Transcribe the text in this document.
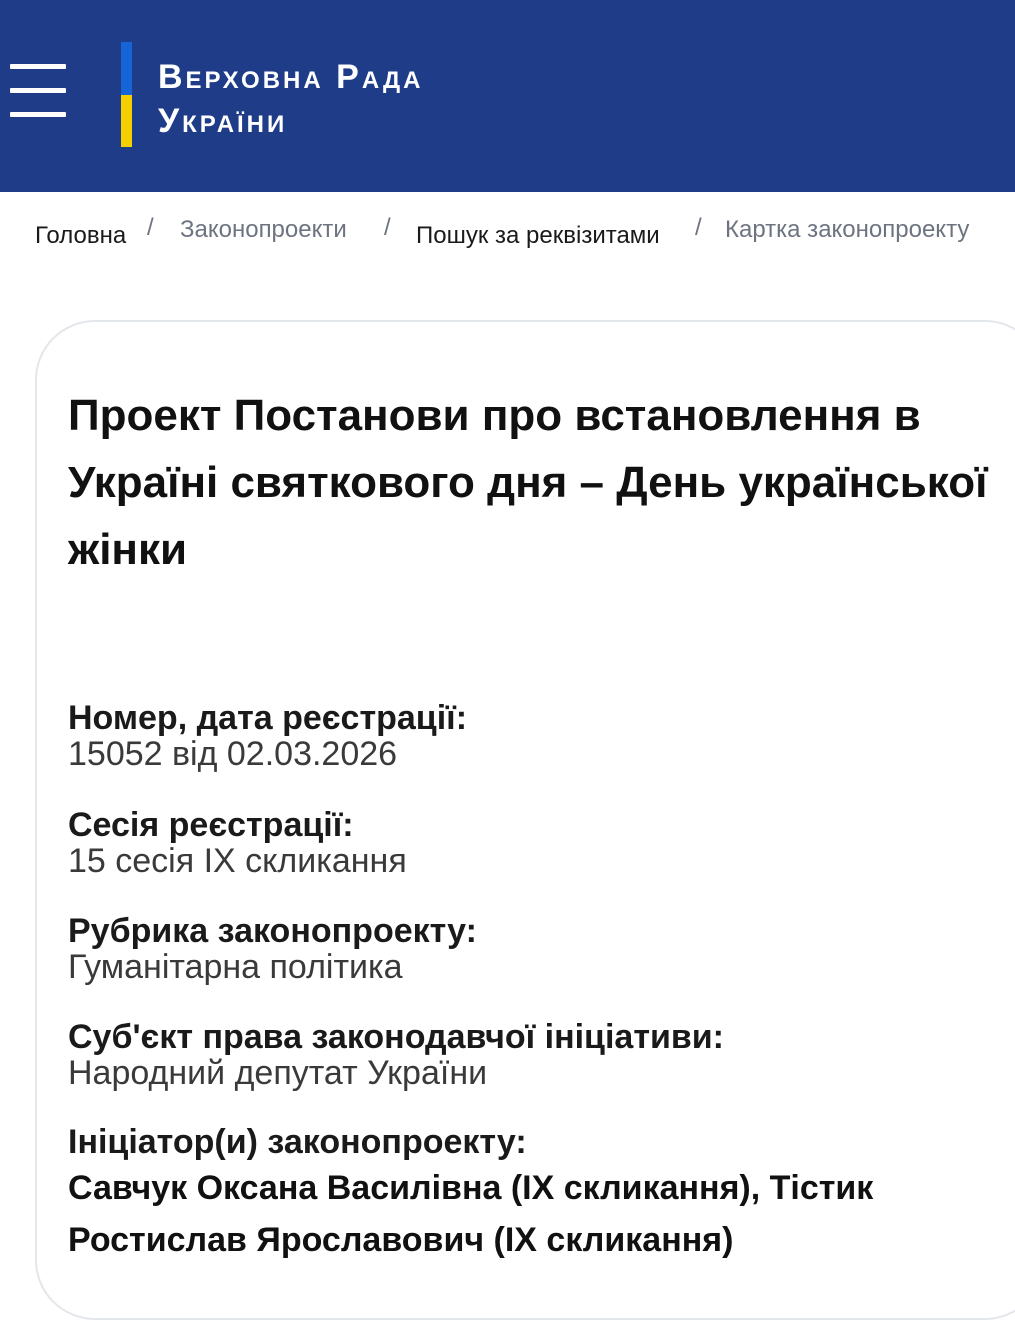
Верховна Рада
України
Головна / Законопроекти / Пошук за реквізитами / Картка законопроекту
Проект Постанови про встановлення в Україні святкового дня – День української жінки
Номер, дата реєстрації:
15052 від 02.03.2026
Сесія реєстрації:
15 сесія IX скликання
Рубрика законопроекту:
Гуманітарна політика
Суб'єкт права законодавчої ініціативи:
Народний депутат України
Ініціатор(и) законопроекту:
Савчук Оксана Василівна (IX скликання), Тістик Ростислав Ярославович (IX скликання)
